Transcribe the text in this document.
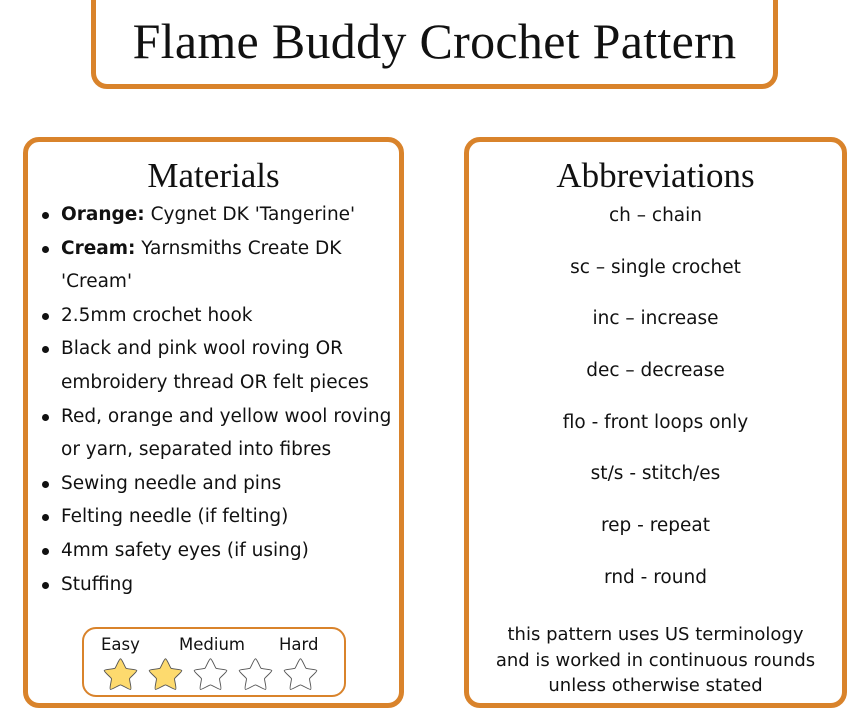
Flame Buddy Crochet Pattern
Materials
Orange: Cygnet DK 'Tangerine'
Cream: Yarnsmiths Create DK 'Cream'
2.5mm crochet hook
Black and pink wool roving OR embroidery thread OR felt pieces
Red, orange and yellow wool roving or yarn, separated into fibres
Sewing needle and pins
Felting needle (if felting)
4mm safety eyes (if using)
Stuffing
Easy Medium Hard
Abbreviations
ch – chain
sc – single crochet
inc – increase
dec – decrease
flo - front loops only
st/s - stitch/es
rep - repeat
rnd - round
this pattern uses US terminology
and is worked in continuous rounds
unless otherwise stated
